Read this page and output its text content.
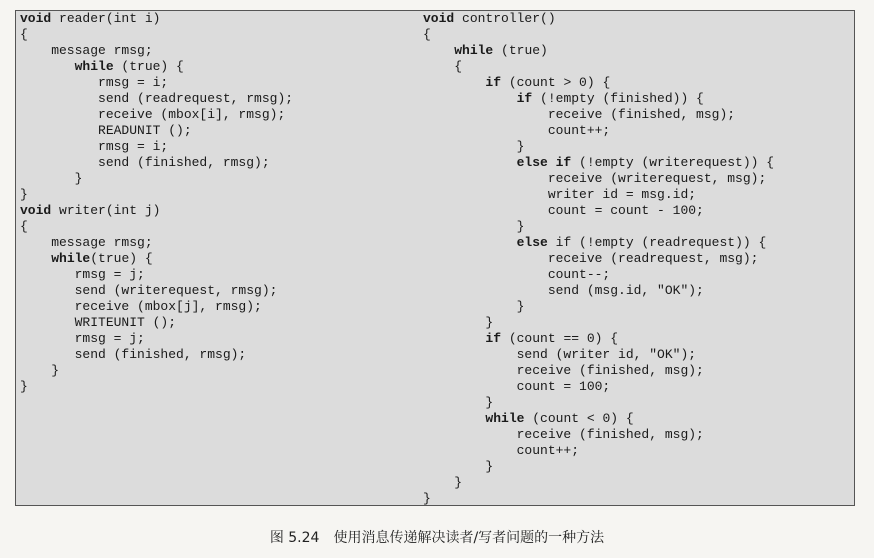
void reader(int i)
{
message rmsg;
while (true) {
rmsg = i;
send (readrequest, rmsg);
receive (mbox[i], rmsg);
READUNIT ();
rmsg = i;
send (finished, rmsg);
}
}
void writer(int j)
{
message rmsg;
while(true) {
rmsg = j;
send (writerequest, rmsg);
receive (mbox[j], rmsg);
WRITEUNIT ();
rmsg = j;
send (finished, rmsg);
}
}
void controller()
{
while (true)
{
if (count > 0) {
if (!empty (finished)) {
receive (finished, msg);
count++;
}
else if (!empty (writerequest)) {
receive (writerequest, msg);
writer id = msg.id;
count = count - 100;
}
else if (!empty (readrequest)) {
receive (readrequest, msg);
count--;
send (msg.id, "OK");
}
}
if (count == 0) {
send (writer id, "OK");
receive (finished, msg);
count = 100;
}
while (count < 0) {
receive (finished, msg);
count++;
}
}
}
图 5.24　使用消息传递解决读者/写者问题的一种方法
